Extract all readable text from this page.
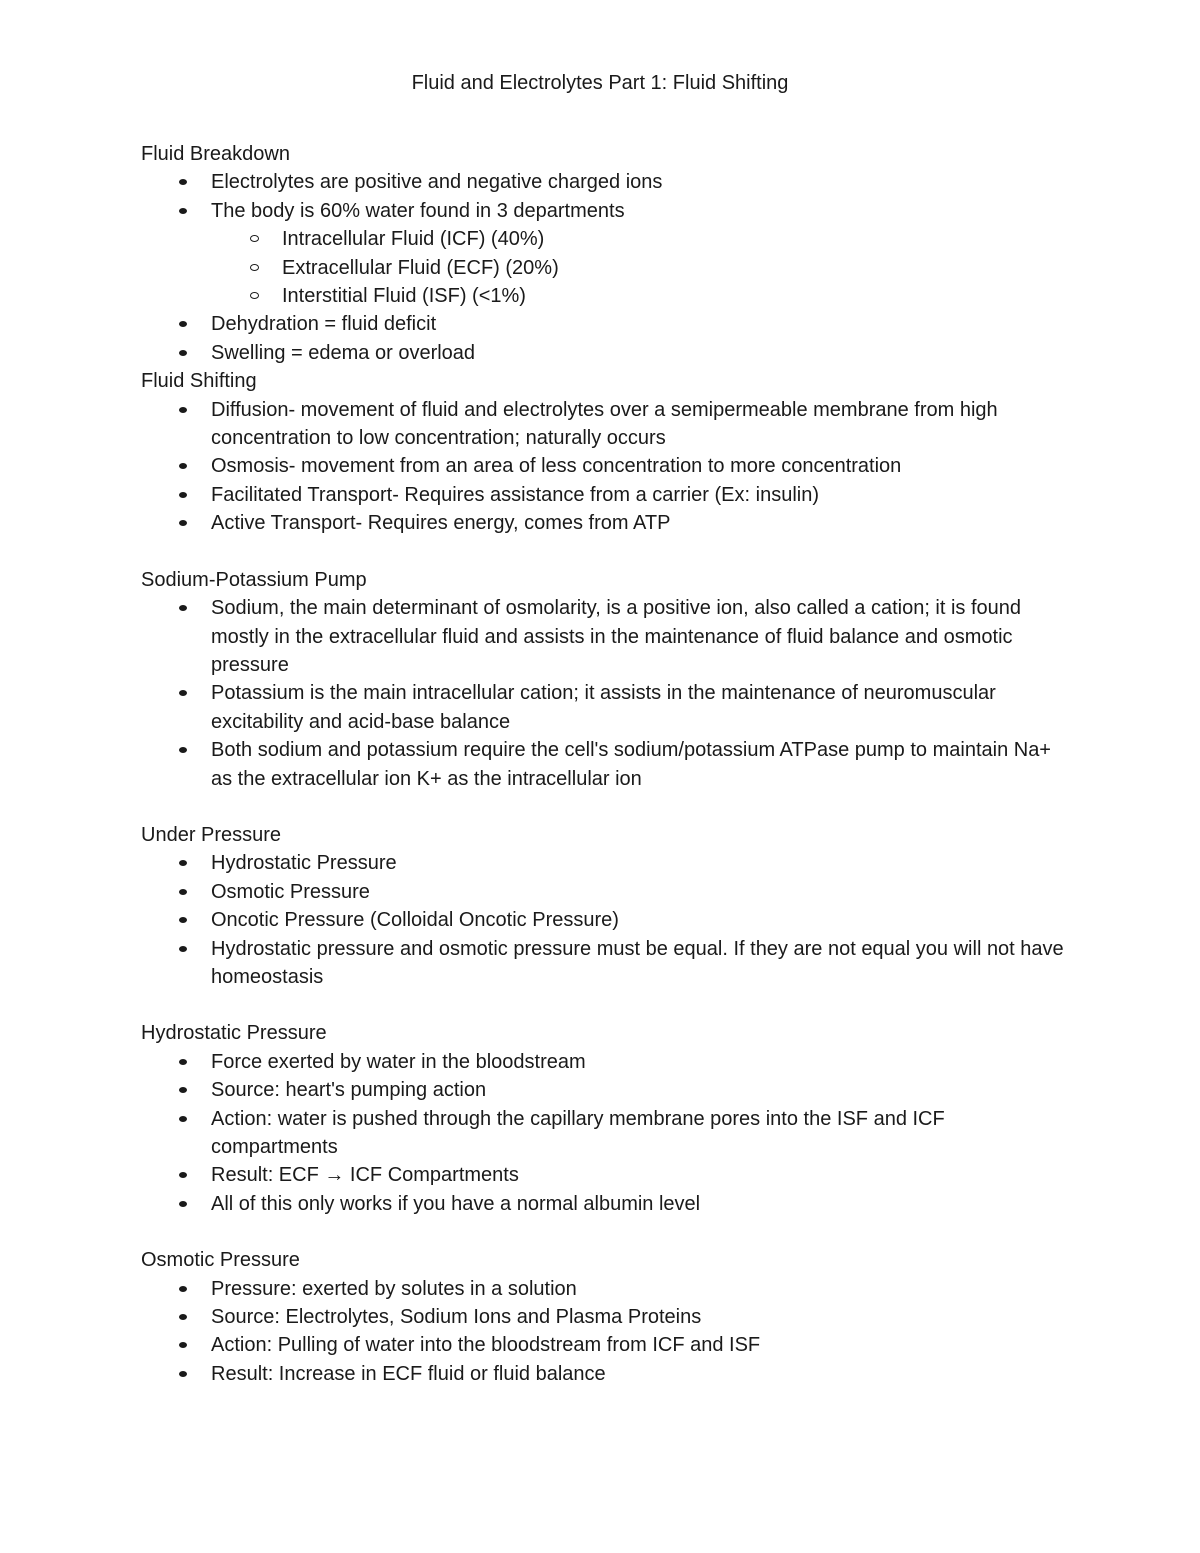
Fluid and Electrolytes Part 1: Fluid Shifting
Fluid Breakdown
Electrolytes are positive and negative charged ions
The body is 60% water found in 3 departments
Intracellular Fluid (ICF) (40%)
Extracellular Fluid (ECF) (20%)
Interstitial Fluid (ISF) (<1%)
Dehydration = fluid deficit
Swelling = edema or overload
Fluid Shifting
Diffusion- movement of fluid and electrolytes over a semipermeable membrane from high concentration to low concentration; naturally occurs
Osmosis- movement from an area of less concentration to more concentration
Facilitated Transport- Requires assistance from a carrier (Ex: insulin)
Active Transport- Requires energy, comes from ATP
Sodium-Potassium Pump
Sodium, the main determinant of osmolarity, is a positive ion, also called a cation; it is found mostly in the extracellular fluid and assists in the maintenance of fluid balance and osmotic pressure
Potassium is the main intracellular cation; it assists in the maintenance of neuromuscular excitability and acid-base balance
Both sodium and potassium require the cell's sodium/potassium ATPase pump to maintain Na+ as the extracellular ion K+ as the intracellular ion
Under Pressure
Hydrostatic Pressure
Osmotic Pressure
Oncotic Pressure (Colloidal Oncotic Pressure)
Hydrostatic pressure and osmotic pressure must be equal. If they are not equal you will not have homeostasis
Hydrostatic Pressure
Force exerted by water in the bloodstream
Source: heart's pumping action
Action: water is pushed through the capillary membrane pores into the ISF and ICF compartments
Result: ECF → ICF Compartments
All of this only works if you have a normal albumin level
Osmotic Pressure
Pressure: exerted by solutes in a solution
Source: Electrolytes, Sodium Ions and Plasma Proteins
Action: Pulling of water into the bloodstream from ICF and ISF
Result: Increase in ECF fluid or fluid balance
